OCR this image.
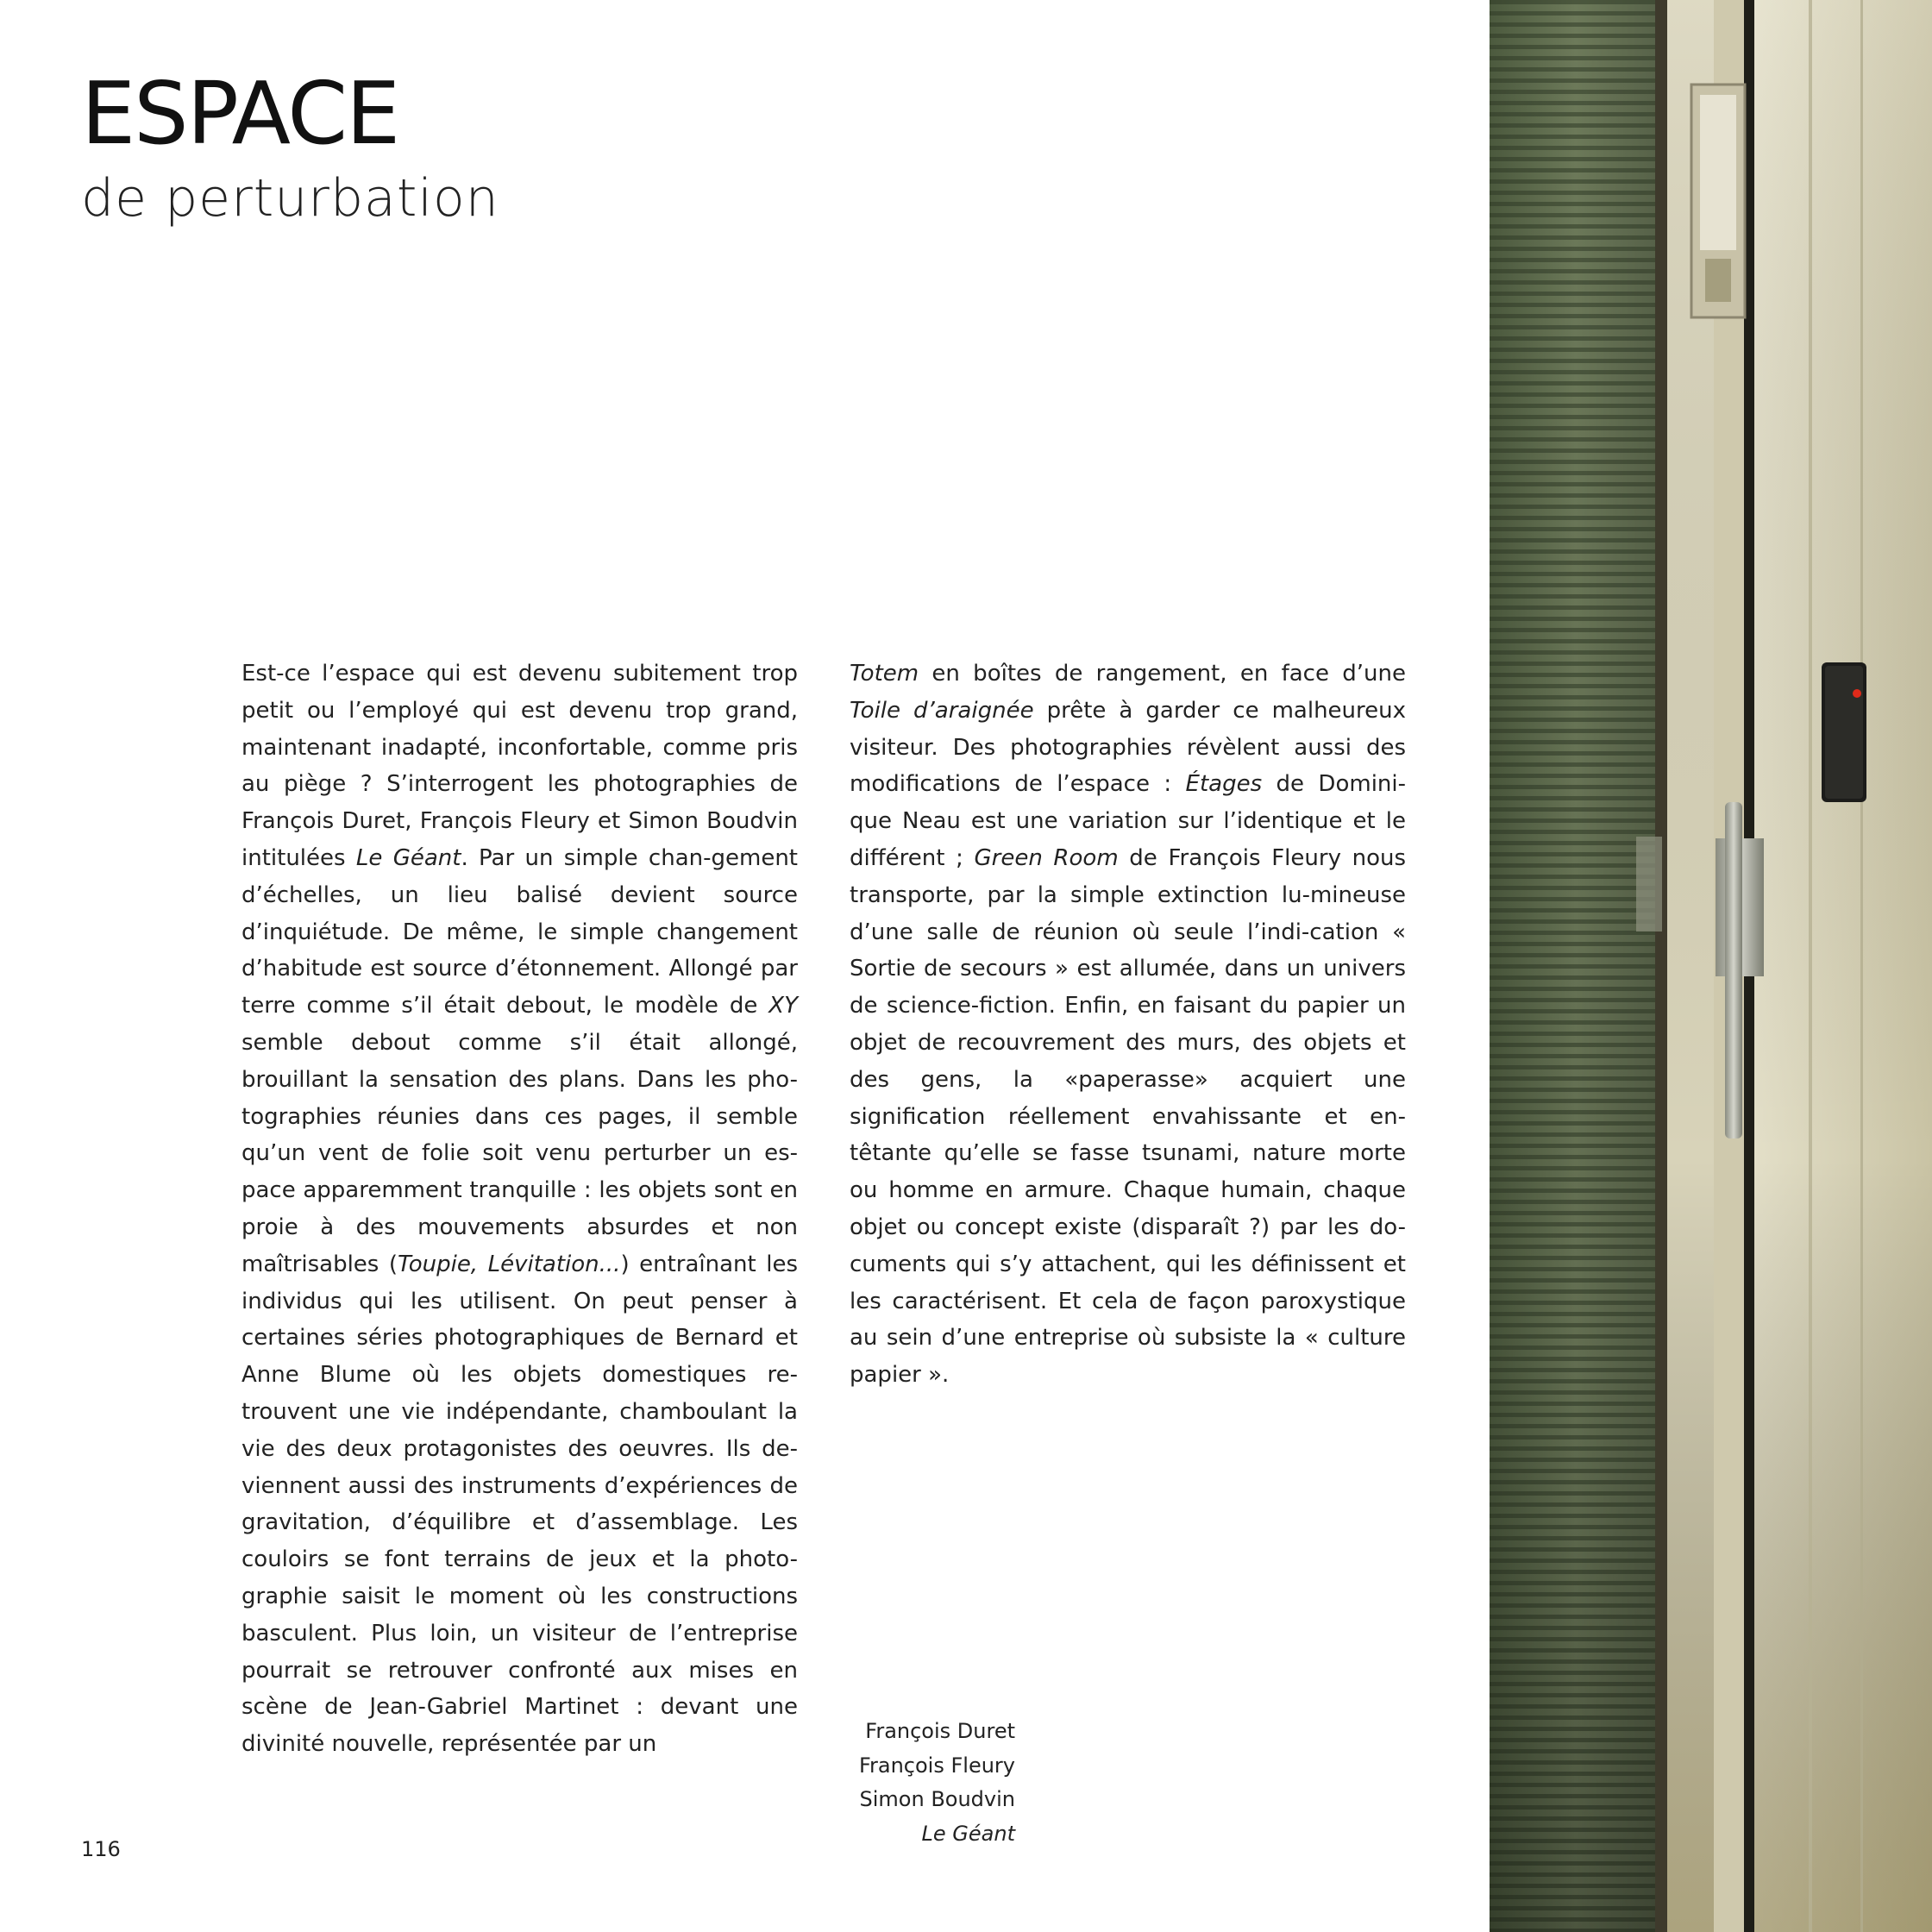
ESPACE
de perturbation

Est-ce l’espace qui est devenu subitement trop petit ou l’employé qui est devenu trop grand, maintenant inadapté, inconfortable, comme pris au piège ? S’interrogent les photographies de François Duret, François Fleury et Simon Boudvin intitulées Le Géant. Par un simple chan-gement d’échelles, un lieu balisé devient source d’inquiétude. De même, le simple changement d’habitude est source d’étonnement. Allongé par terre comme s’il était debout, le modèle de XY semble debout comme s’il était allongé, brouillant la sensation des plans. Dans les pho-tographies réunies dans ces pages, il semble qu’un vent de folie soit venu perturber un es-pace apparemment tranquille : les objets sont en proie à des mouvements absurdes et non maîtrisables (Toupie, Lévitation...) entraînant les individus qui les utilisent. On peut penser à certaines séries photographiques de Bernard et Anne Blume où les objets domestiques re-trouvent une vie indépendante, chamboulant la vie des deux protagonistes des oeuvres. Ils de-viennent aussi des instruments d’expériences de gravitation, d’équilibre et d’assemblage. Les couloirs se font terrains de jeux et la photo-graphie saisit le moment où les constructions basculent. Plus loin, un visiteur de l’entreprise pourrait se retrouver confronté aux mises en scène de Jean-Gabriel Martinet : devant une divinité nouvelle, représentée par un

Totem en boîtes de rangement, en face d’une Toile d’araignée prête à garder ce malheureux visiteur. Des photographies révèlent aussi des modifications de l’espace : Étages de Domini-que Neau est une variation sur l’identique et le différent ; Green Room de François Fleury nous transporte, par la simple extinction lu-mineuse d’une salle de réunion où seule l’indi-cation « Sortie de secours » est allumée, dans un univers de science-fiction. Enfin, en faisant du papier un objet de recouvrement des murs, des objets et des gens, la «paperasse» acquiert une signification réellement envahissante et en-têtante qu’elle se fasse tsunami, nature morte ou homme en armure. Chaque humain, chaque objet ou concept existe (disparaît ?) par les do-cuments qui s’y attachent, qui les définissent et les caractérisent. Et cela de façon paroxystique au sein d’une entreprise où subsiste la « culture papier ».

François Duret
François Fleury
Simon Boudvin
Le Géant
116
